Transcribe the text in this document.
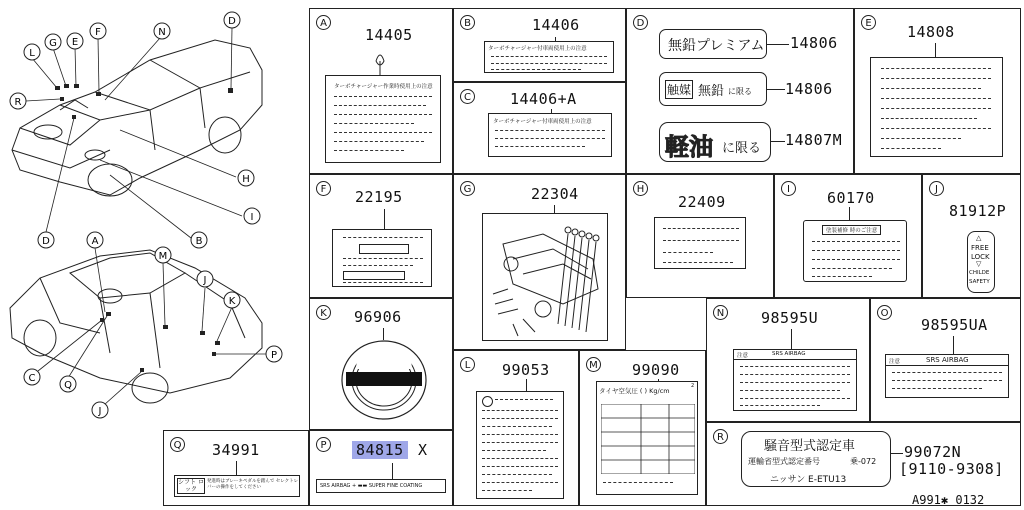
L
G E
F	N
D
R
H
I
B
D	A
M
J
K
P
C
Q
J
A
14405
ターボチャージャー作業時使用上の注意
B	14406
ターボチャージャー付車両使用上の注意
C	14406+A
ターボチャージャー付車両使用上の注意
D
無鉛プレミアム 14806
触媒 無鉛 に限る 14806
軽油 に限る 14807M
E 14808
F	22195	G	22304	H
22409
I	60170
塗装補修 時のご注意
J
81912P
△
FREE
LOCK
▽
CHILDE
SAFETY
K 96906
L	99053	M 99090
タイヤ空気圧 ( ) Kg/cm
2
N 98595U
注意	SRS AIRBAG
O
98595UA
注意	SRS AIRBAG
Q 34991
シフト ロック
発進時はブレーキペダルを踏んで セレクトレバーの操作をしてください
P 84815 X
SRS AIRBAG + ▬▬ SUPER FINE COATING
R
騒音型式認定車
運輸省型式認定番号	乗-072
ニッサン E-ETU13
99072N
[9110-9308]
A991✱ 0132
